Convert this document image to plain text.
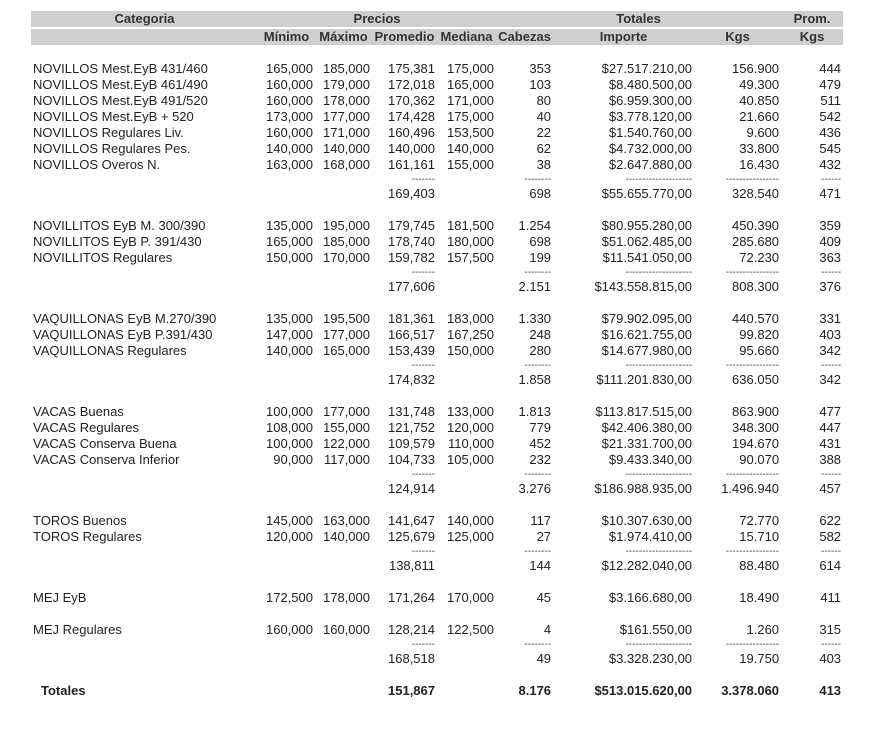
Categoria	Precios				Totales			Prom.
	Mínimo	Máximo	Promedio	Mediana	Cabezas	Importe	Kgs	Kgs

NOVILLOS Mest.EyB 431/460	165,000	185,000	175,381	175,000	353	$27.517.210,00	156.900	444
NOVILLOS Mest.EyB 461/490	160,000	179,000	172,018	165,000	103	$8.480.500,00	49.300	479
NOVILLOS Mest.EyB 491/520	160,000	178,000	170,362	171,000	80	$6.959.300,00	40.850	511
NOVILLOS Mest.EyB + 520	173,000	177,000	174,428	175,000	40	$3.778.120,00	21.660	542
NOVILLOS Regulares Liv.	160,000	171,000	160,496	153,500	22	$1.540.760,00	9.600	436
NOVILLOS Regulares Pes.	140,000	140,000	140,000	140,000	62	$4.732.000,00	33.800	545
NOVILLOS Overos N.	163,000	168,000	161,161	155,000	38	$2.647.880,00	16.430	432
			-------		--------	--------------------	----------------	------
			169,403		698	$55.655.770,00	328.540	471

NOVILLITOS EyB M. 300/390	135,000	195,000	179,745	181,500	1.254	$80.955.280,00	450.390	359
NOVILLITOS EyB P. 391/430	165,000	185,000	178,740	180,000	698	$51.062.485,00	285.680	409
NOVILLITOS Regulares	150,000	170,000	159,782	157,500	199	$11.541.050,00	72.230	363
			-------		--------	--------------------	----------------	------
			177,606		2.151	$143.558.815,00	808.300	376

VAQUILLONAS EyB M.270/390	135,000	195,500	181,361	183,000	1.330	$79.902.095,00	440.570	331
VAQUILLONAS EyB P.391/430	147,000	177,000	166,517	167,250	248	$16.621.755,00	99.820	403
VAQUILLONAS Regulares	140,000	165,000	153,439	150,000	280	$14.677.980,00	95.660	342
			-------		--------	--------------------	----------------	------
			174,832		1.858	$111.201.830,00	636.050	342

VACAS Buenas	100,000	177,000	131,748	133,000	1.813	$113.817.515,00	863.900	477
VACAS Regulares	108,000	155,000	121,752	120,000	779	$42.406.380,00	348.300	447
VACAS Conserva Buena	100,000	122,000	109,579	110,000	452	$21.331.700,00	194.670	431
VACAS Conserva Inferior	90,000	117,000	104,733	105,000	232	$9.433.340,00	90.070	388
			-------		--------	--------------------	----------------	------
			124,914		3.276	$186.988.935,00	1.496.940	457

TOROS Buenos	145,000	163,000	141,647	140,000	117	$10.307.630,00	72.770	622
TOROS Regulares	120,000	140,000	125,679	125,000	27	$1.974.410,00	15.710	582
			-------		--------	--------------------	----------------	------
			138,811		144	$12.282.040,00	88.480	614

MEJ EyB	172,500	178,000	171,264	170,000	45	$3.166.680,00	18.490	411

MEJ Regulares	160,000	160,000	128,214	122,500	4	$161.550,00	1.260	315
			-------		--------	--------------------	----------------	------
			168,518		49	$3.328.230,00	19.750	403

Totales			151,867		8.176	$513.015.620,00	3.378.060	413
